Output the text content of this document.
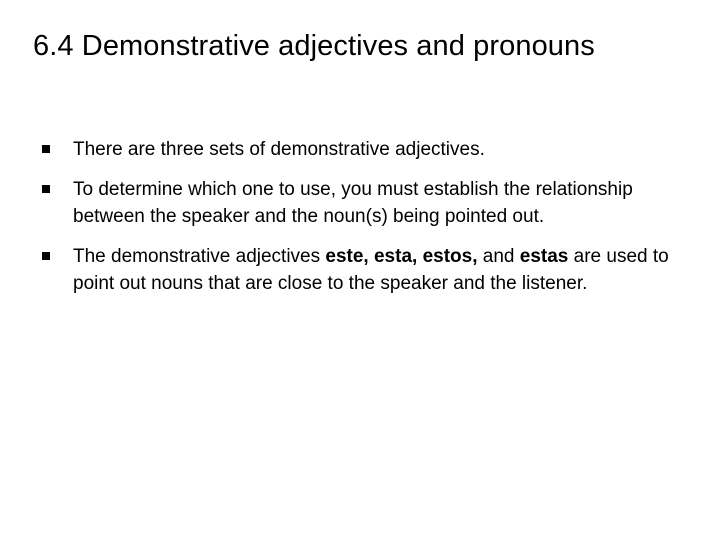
6.4 Demonstrative adjectives and pronouns
There are three sets of demonstrative adjectives.
To determine which one to use, you must establish the relationship between the speaker and the noun(s) being pointed out.
The demonstrative adjectives este, esta, estos, and estas are used to point out nouns that are close to the speaker and the listener.
